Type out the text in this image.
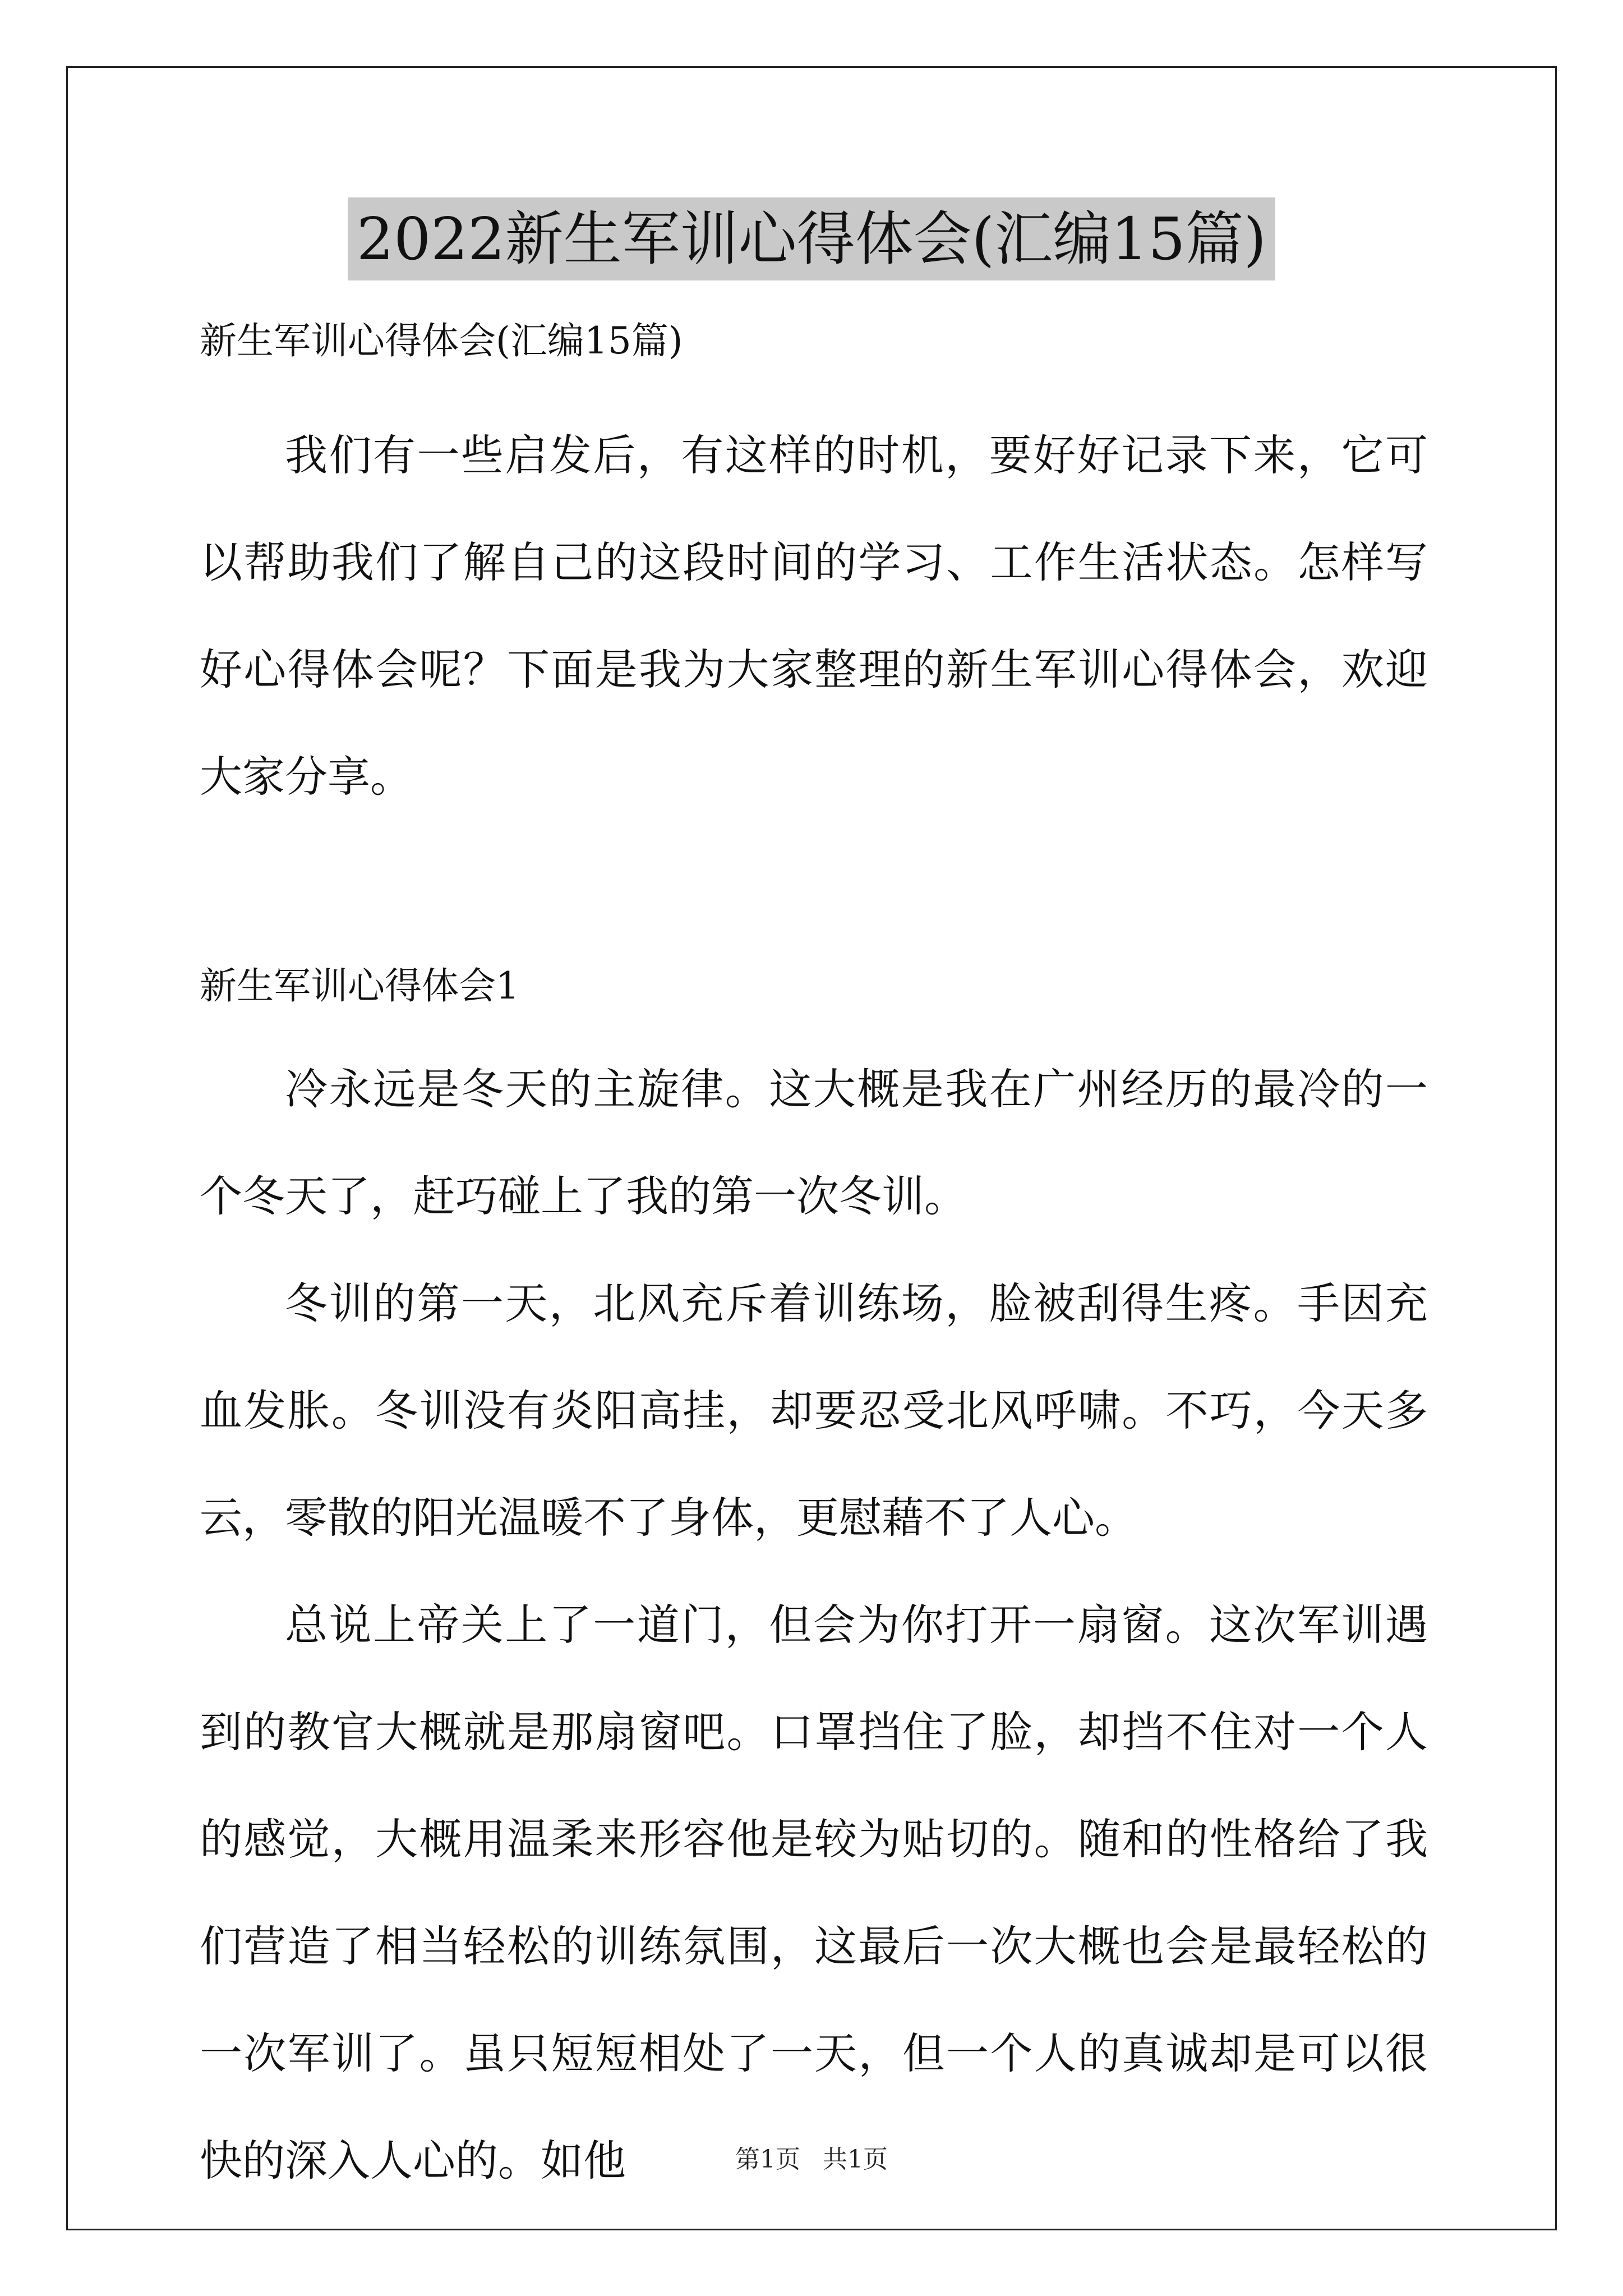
2022新生军训心得体会(汇编15篇)
新生军训心得体会(汇编15篇)

我们有一些启发后，有这样的时机，要好好记录下来，它可以帮助我们了解自己的这段时间的学习、工作生活状态。怎样写好心得体会呢？下面是我为大家整理的新生军训心得体会，欢迎大家分享。

新生军训心得体会1

冷永远是冬天的主旋律。这大概是我在广州经历的最冷的一个冬天了，赶巧碰上了我的第一次冬训。

冬训的第一天，北风充斥着训练场，脸被刮得生疼。手因充血发胀。冬训没有炎阳高挂，却要忍受北风呼啸。不巧，今天多云，零散的阳光温暖不了身体，更慰藉不了人心。

总说上帝关上了一道门，但会为你打开一扇窗。这次军训遇到的教官大概就是那扇窗吧。口罩挡住了脸，却挡不住对一个人的感觉，大概用温柔来形容他是较为贴切的。随和的性格给了我们营造了相当轻松的训练氛围，这最后一次大概也会是最轻松的一次军训了。虽只短短相处了一天，但一个人的真诚却是可以很快的深入人心的。如他	第1页 共1页
